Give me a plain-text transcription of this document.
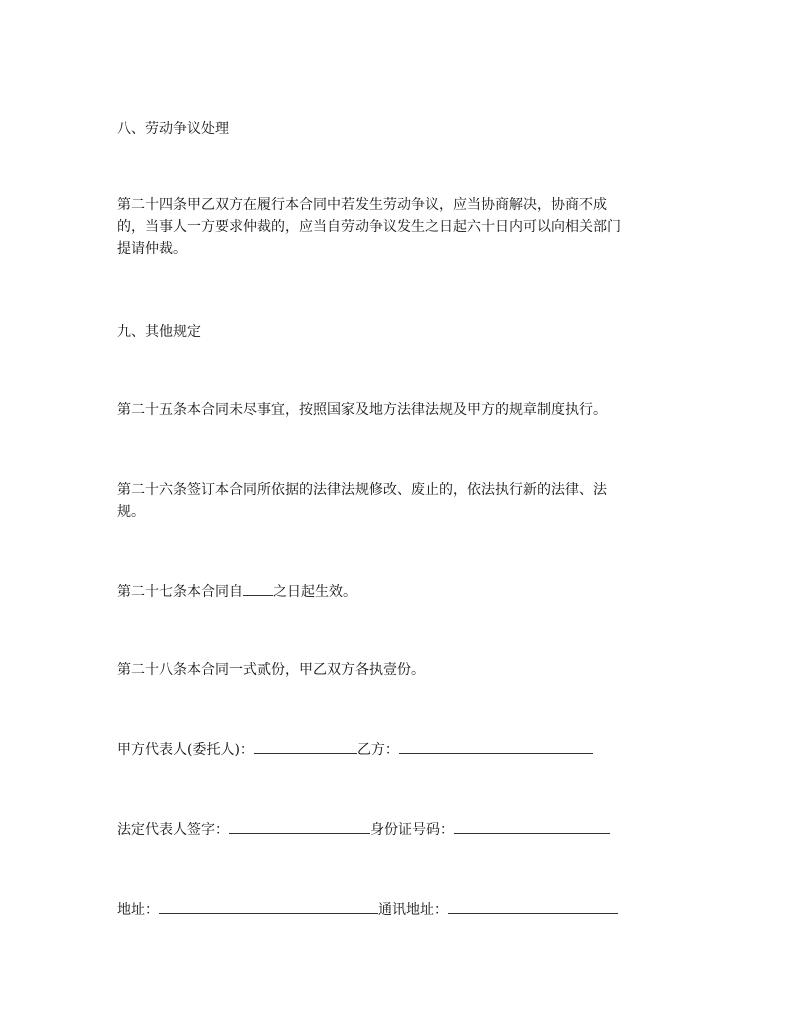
八、劳动争议处理
第二十四条甲乙双方在履行本合同中若发生劳动争议，应当协商解决，协商不成
的，当事人一方要求仲裁的，应当自劳动争议发生之日起六十日内可以向相关部门
提请仲裁。
九、其他规定
第二十五条本合同未尽事宜，按照国家及地方法律法规及甲方的规章制度执行。
第二十六条签订本合同所依据的法律法规修改、废止的，依法执行新的法律、法
规。
第二十七条本合同自 之日起生效。
第二十八条本合同一式贰份，甲乙双方各执壹份。
甲方代表人(委托人)：	乙方：
法定代表人签字：	身份证号码：
地址：	通讯地址：
